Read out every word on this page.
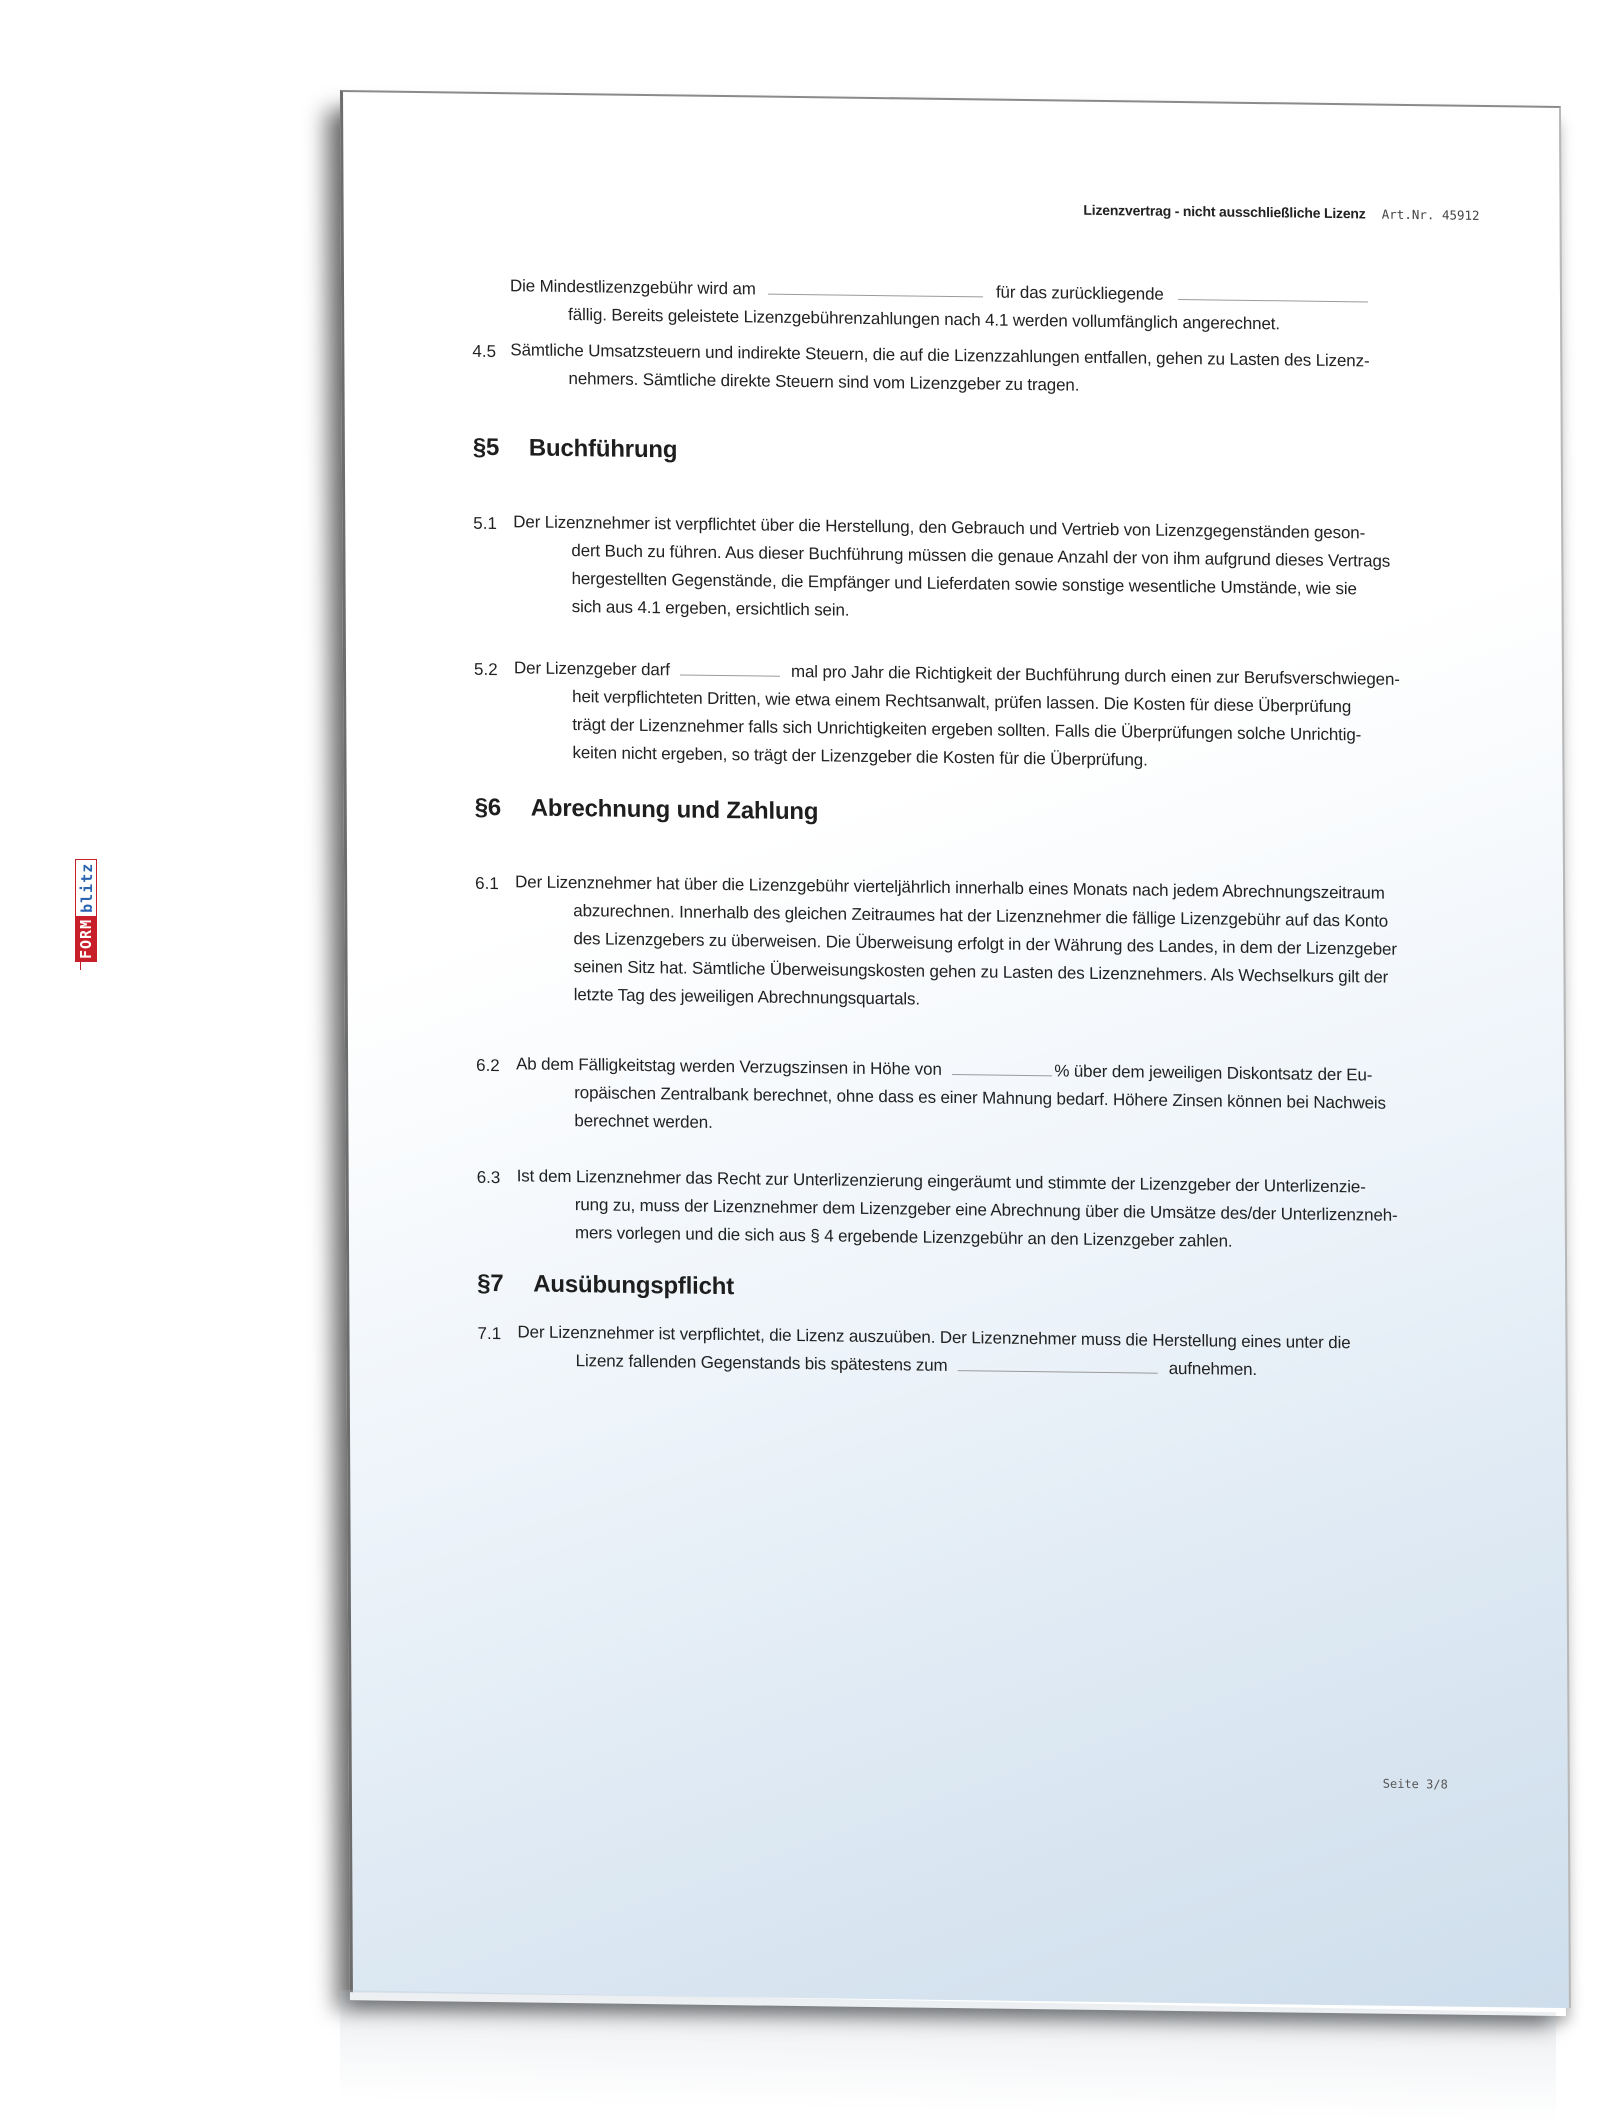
Lizenzvertrag - nicht ausschließliche Lizenz Art.Nr. 45912
Die Mindestlizenzgebühr wird am	für das zurückliegende
fällig. Bereits geleistete Lizenzgebührenzahlungen nach 4.1 werden vollumfänglich angerechnet.
4.5 Sämtliche Umsatzsteuern und indirekte Steuern, die auf die Lizenzzahlungen entfallen, gehen zu Lasten des Lizenz-
nehmers. Sämtliche direkte Steuern sind vom Lizenzgeber zu tragen.
§5 Buchführung
5.1 Der Lizenznehmer ist verpflichtet über die Herstellung, den Gebrauch und Vertrieb von Lizenzgegenständen geson-
dert Buch zu führen. Aus dieser Buchführung müssen die genaue Anzahl der von ihm aufgrund dieses Vertrags
hergestellten Gegenstände, die Empfänger und Lieferdaten sowie sonstige wesentliche Umstände, wie sie
sich aus 4.1 ergeben, ersichtlich sein.
5.2 Der Lizenzgeber darf	mal pro Jahr die Richtigkeit der Buchführung durch einen zur Berufsverschwiegen-
heit verpflichteten Dritten, wie etwa einem Rechtsanwalt, prüfen lassen. Die Kosten für diese Überprüfung
trägt der Lizenznehmer falls sich Unrichtigkeiten ergeben sollten. Falls die Überprüfungen solche Unrichtig-
keiten nicht ergeben, so trägt der Lizenzgeber die Kosten für die Überprüfung.
§6 Abrechnung und Zahlung
6.1 Der Lizenznehmer hat über die Lizenzgebühr vierteljährlich innerhalb eines Monats nach jedem Abrechnungszeitraum
abzurechnen. Innerhalb des gleichen Zeitraumes hat der Lizenznehmer die fällige Lizenzgebühr auf das Konto
des Lizenzgebers zu überweisen. Die Überweisung erfolgt in der Währung des Landes, in dem der Lizenzgeber
seinen Sitz hat. Sämtliche Überweisungskosten gehen zu Lasten des Lizenznehmers. Als Wechselkurs gilt der
letzte Tag des jeweiligen Abrechnungsquartals.
6.2 Ab dem Fälligkeitstag werden Verzugszinsen in Höhe von	% über dem jeweiligen Diskontsatz der Eu-
ropäischen Zentralbank berechnet, ohne dass es einer Mahnung bedarf. Höhere Zinsen können bei Nachweis
berechnet werden.
6.3 Ist dem Lizenznehmer das Recht zur Unterlizenzierung eingeräumt und stimmte der Lizenzgeber der Unterlizenzie-
rung zu, muss der Lizenznehmer dem Lizenzgeber eine Abrechnung über die Umsätze des/der Unterlizenzneh-
mers vorlegen und die sich aus § 4 ergebende Lizenzgebühr an den Lizenzgeber zahlen.
§7 Ausübungspflicht
7.1 Der Lizenznehmer ist verpflichtet, die Lizenz auszuüben. Der Lizenznehmer muss die Herstellung eines unter die
Lizenz fallenden Gegenstands bis spätestens zum	aufnehmen.
Seite 3/8
FORM
blitz
